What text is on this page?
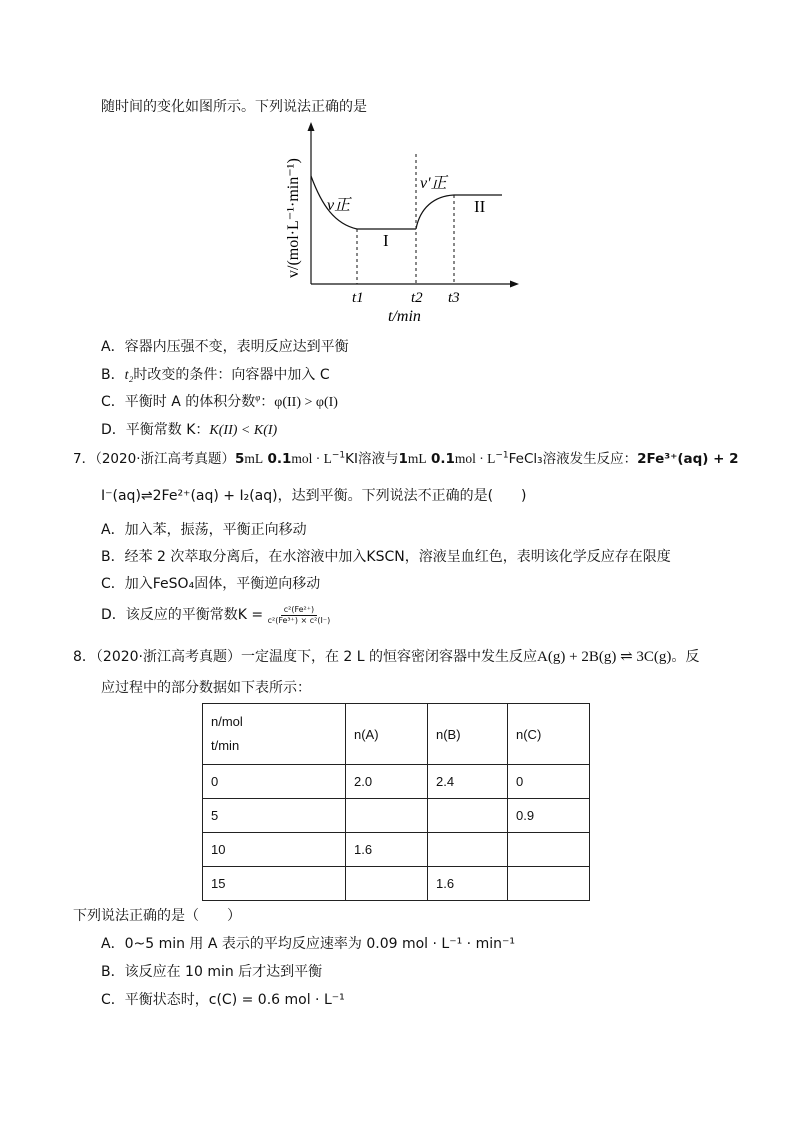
随时间的变化如图所示。下列说法正确的是
v正
v′正
I
II
t1	t2 t3
t/min
v/(mol·L⁻¹·min⁻¹)
A．容器内压强不变，表明反应达到平衡
B．t₂时改变的条件：向容器中加入 C
C．平衡时 A 的体积分数$^\varphi$：φ(II) > φ(I)
D．平衡常数 K：K(II) < K(I)
7．（2020·浙江高考真题）5mL $0.1mol \cdot L^{-1}KI$溶液与1mL $0.1mol \cdot L^{-1}FeCl_3$溶液发生反应：2Fe³⁺(aq) + 2
I⁻(aq)⇌2Fe²⁺(aq) + I₂(aq)，达到平衡。下列说法不正确的是(　　)
A．加入苯，振荡，平衡正向移动
B．经苯 2 次萃取分离后，在水溶液中加入KSCN，溶液呈血红色，表明该化学反应存在限度
C．加入FeSO₄固体，平衡逆向移动
D．该反应的平衡常数$K = \frac{\text{c²(Fe²⁺)}}{\text{c²(Fe³⁺) × c²(I⁻)}}$
8．（2020·浙江高考真题）一定温度下，在 2 L 的恒容密闭容器中发生反应A(g) + 2B(g) ⇌ 3C(g)。反
应过程中的部分数据如下表所示：
n/mol
t/min	n(A)	n(B)	n(C)
0	2.0	2.4	0
5			0.9
10	1.6		
15		1.6	
下列说法正确的是（　　）
A．0~5 min 用 A 表示的平均反应速率为 0.09 mol · L⁻¹ · min⁻¹
B．该反应在 10 min 后才达到平衡
C．平衡状态时，c(C) = 0.6 mol · L⁻¹
